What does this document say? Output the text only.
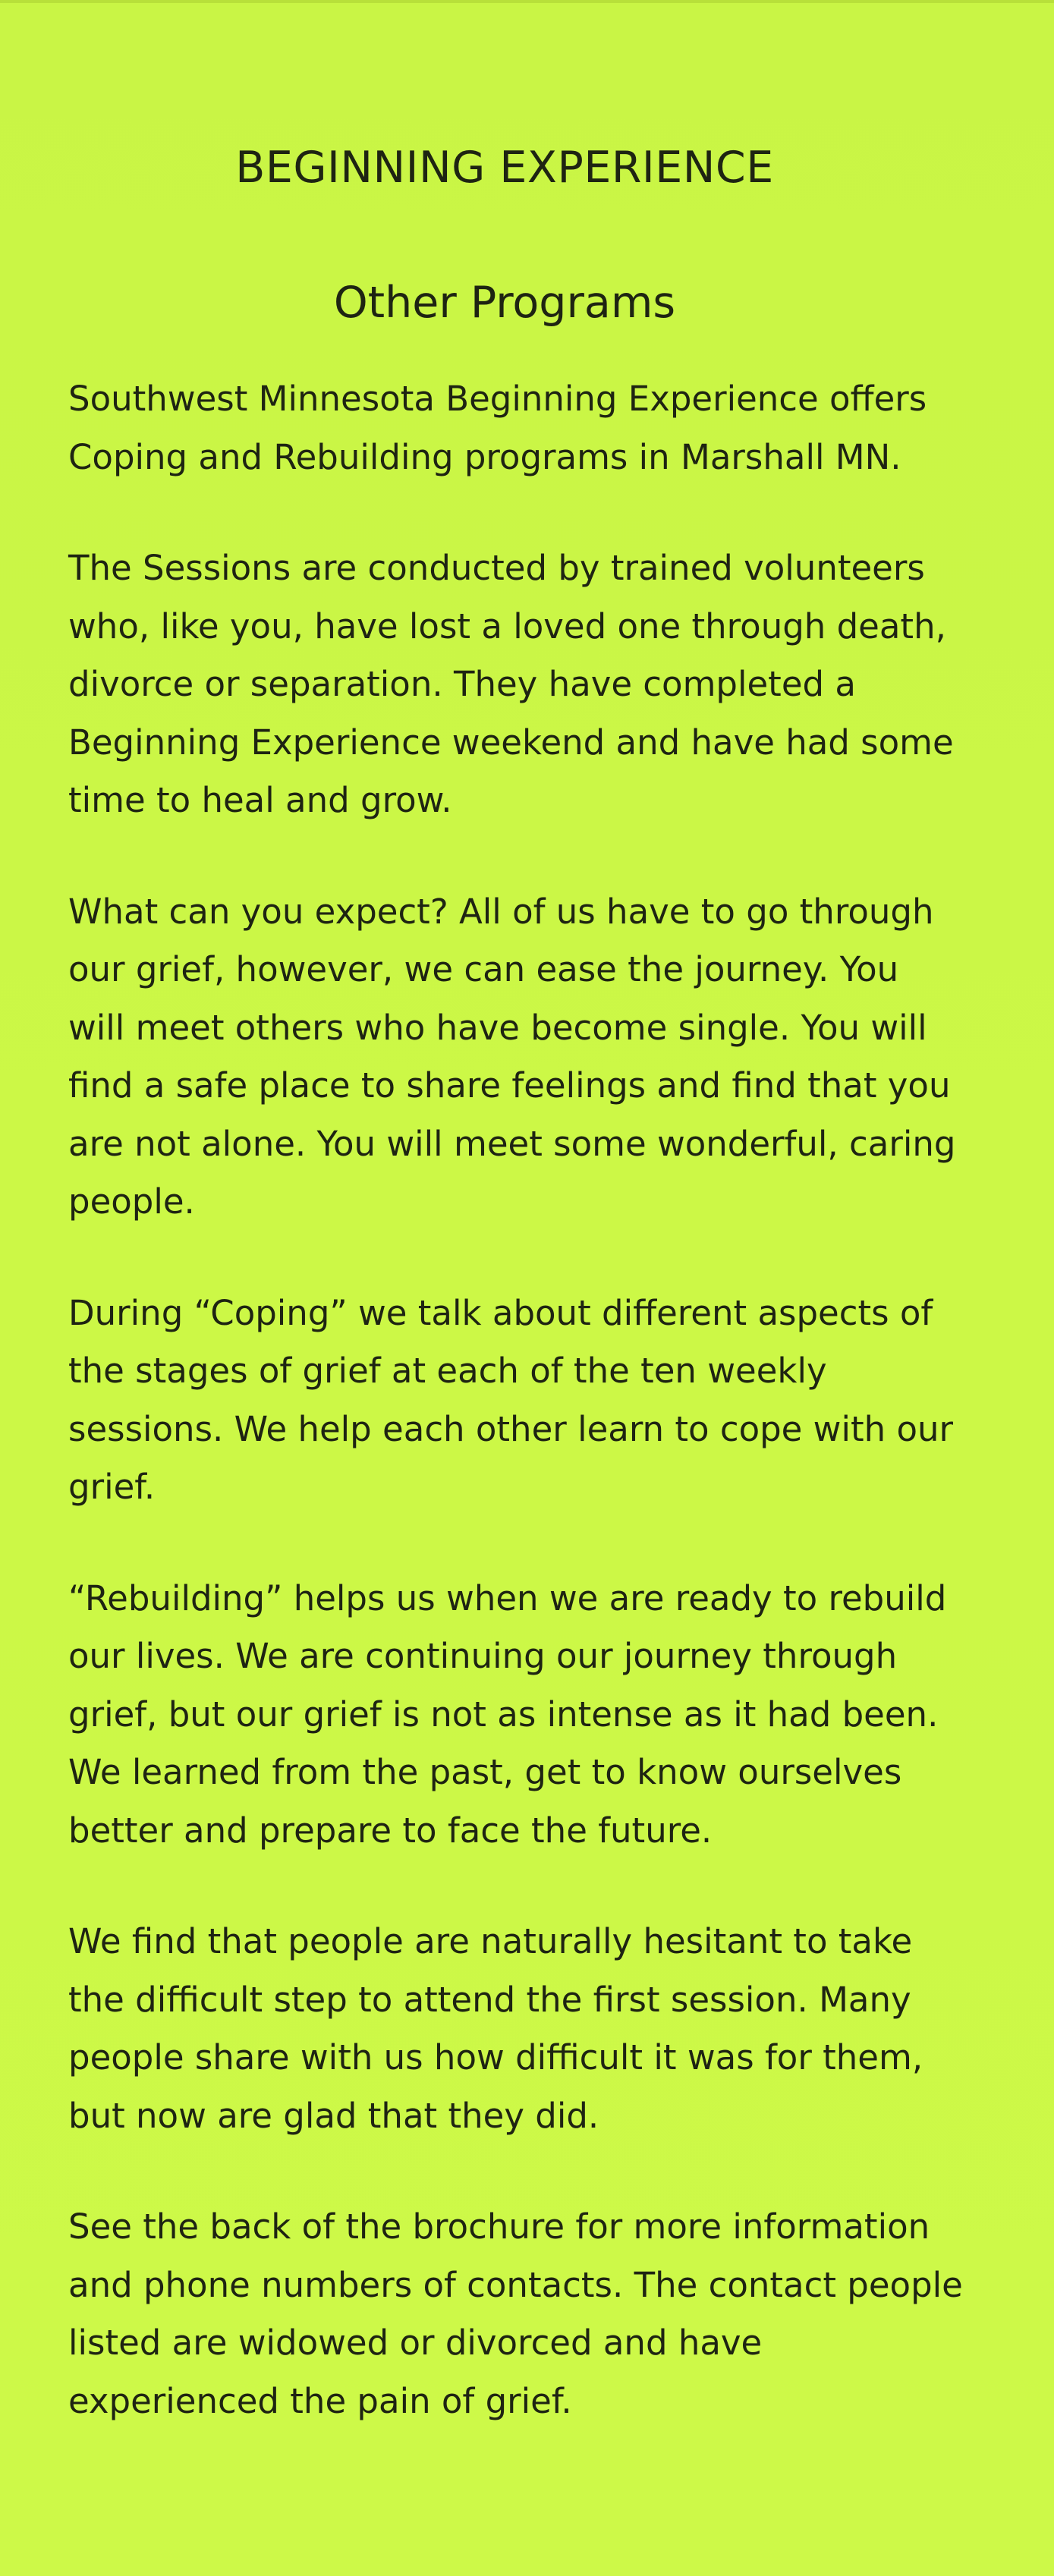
BEGINNING EXPERIENCE
Other Programs

Southwest Minnesota Beginning Experience offers
Coping and Rebuilding programs in Marshall MN.

The Sessions are conducted by trained volunteers
who, like you, have lost a loved one through death,
divorce or separation. They have completed a
Beginning Experience weekend and have had some
time to heal and grow.

What can you expect? All of us have to go through
our grief, however, we can ease the journey. You
will meet others who have become single. You will
find a safe place to share feelings and find that you
are not alone. You will meet some wonderful, caring
people.

During “Coping” we talk about different aspects of
the stages of grief at each of the ten weekly
sessions. We help each other learn to cope with our
grief.

“Rebuilding” helps us when we are ready to rebuild
our lives. We are continuing our journey through
grief, but our grief is not as intense as it had been.
We learned from the past, get to know ourselves
better and prepare to face the future.

We find that people are naturally hesitant to take
the difficult step to attend the first session. Many
people share with us how difficult it was for them,
but now are glad that they did.

See the back of the brochure for more information
and phone numbers of contacts. The contact people
listed are widowed or divorced and have
experienced the pain of grief.
